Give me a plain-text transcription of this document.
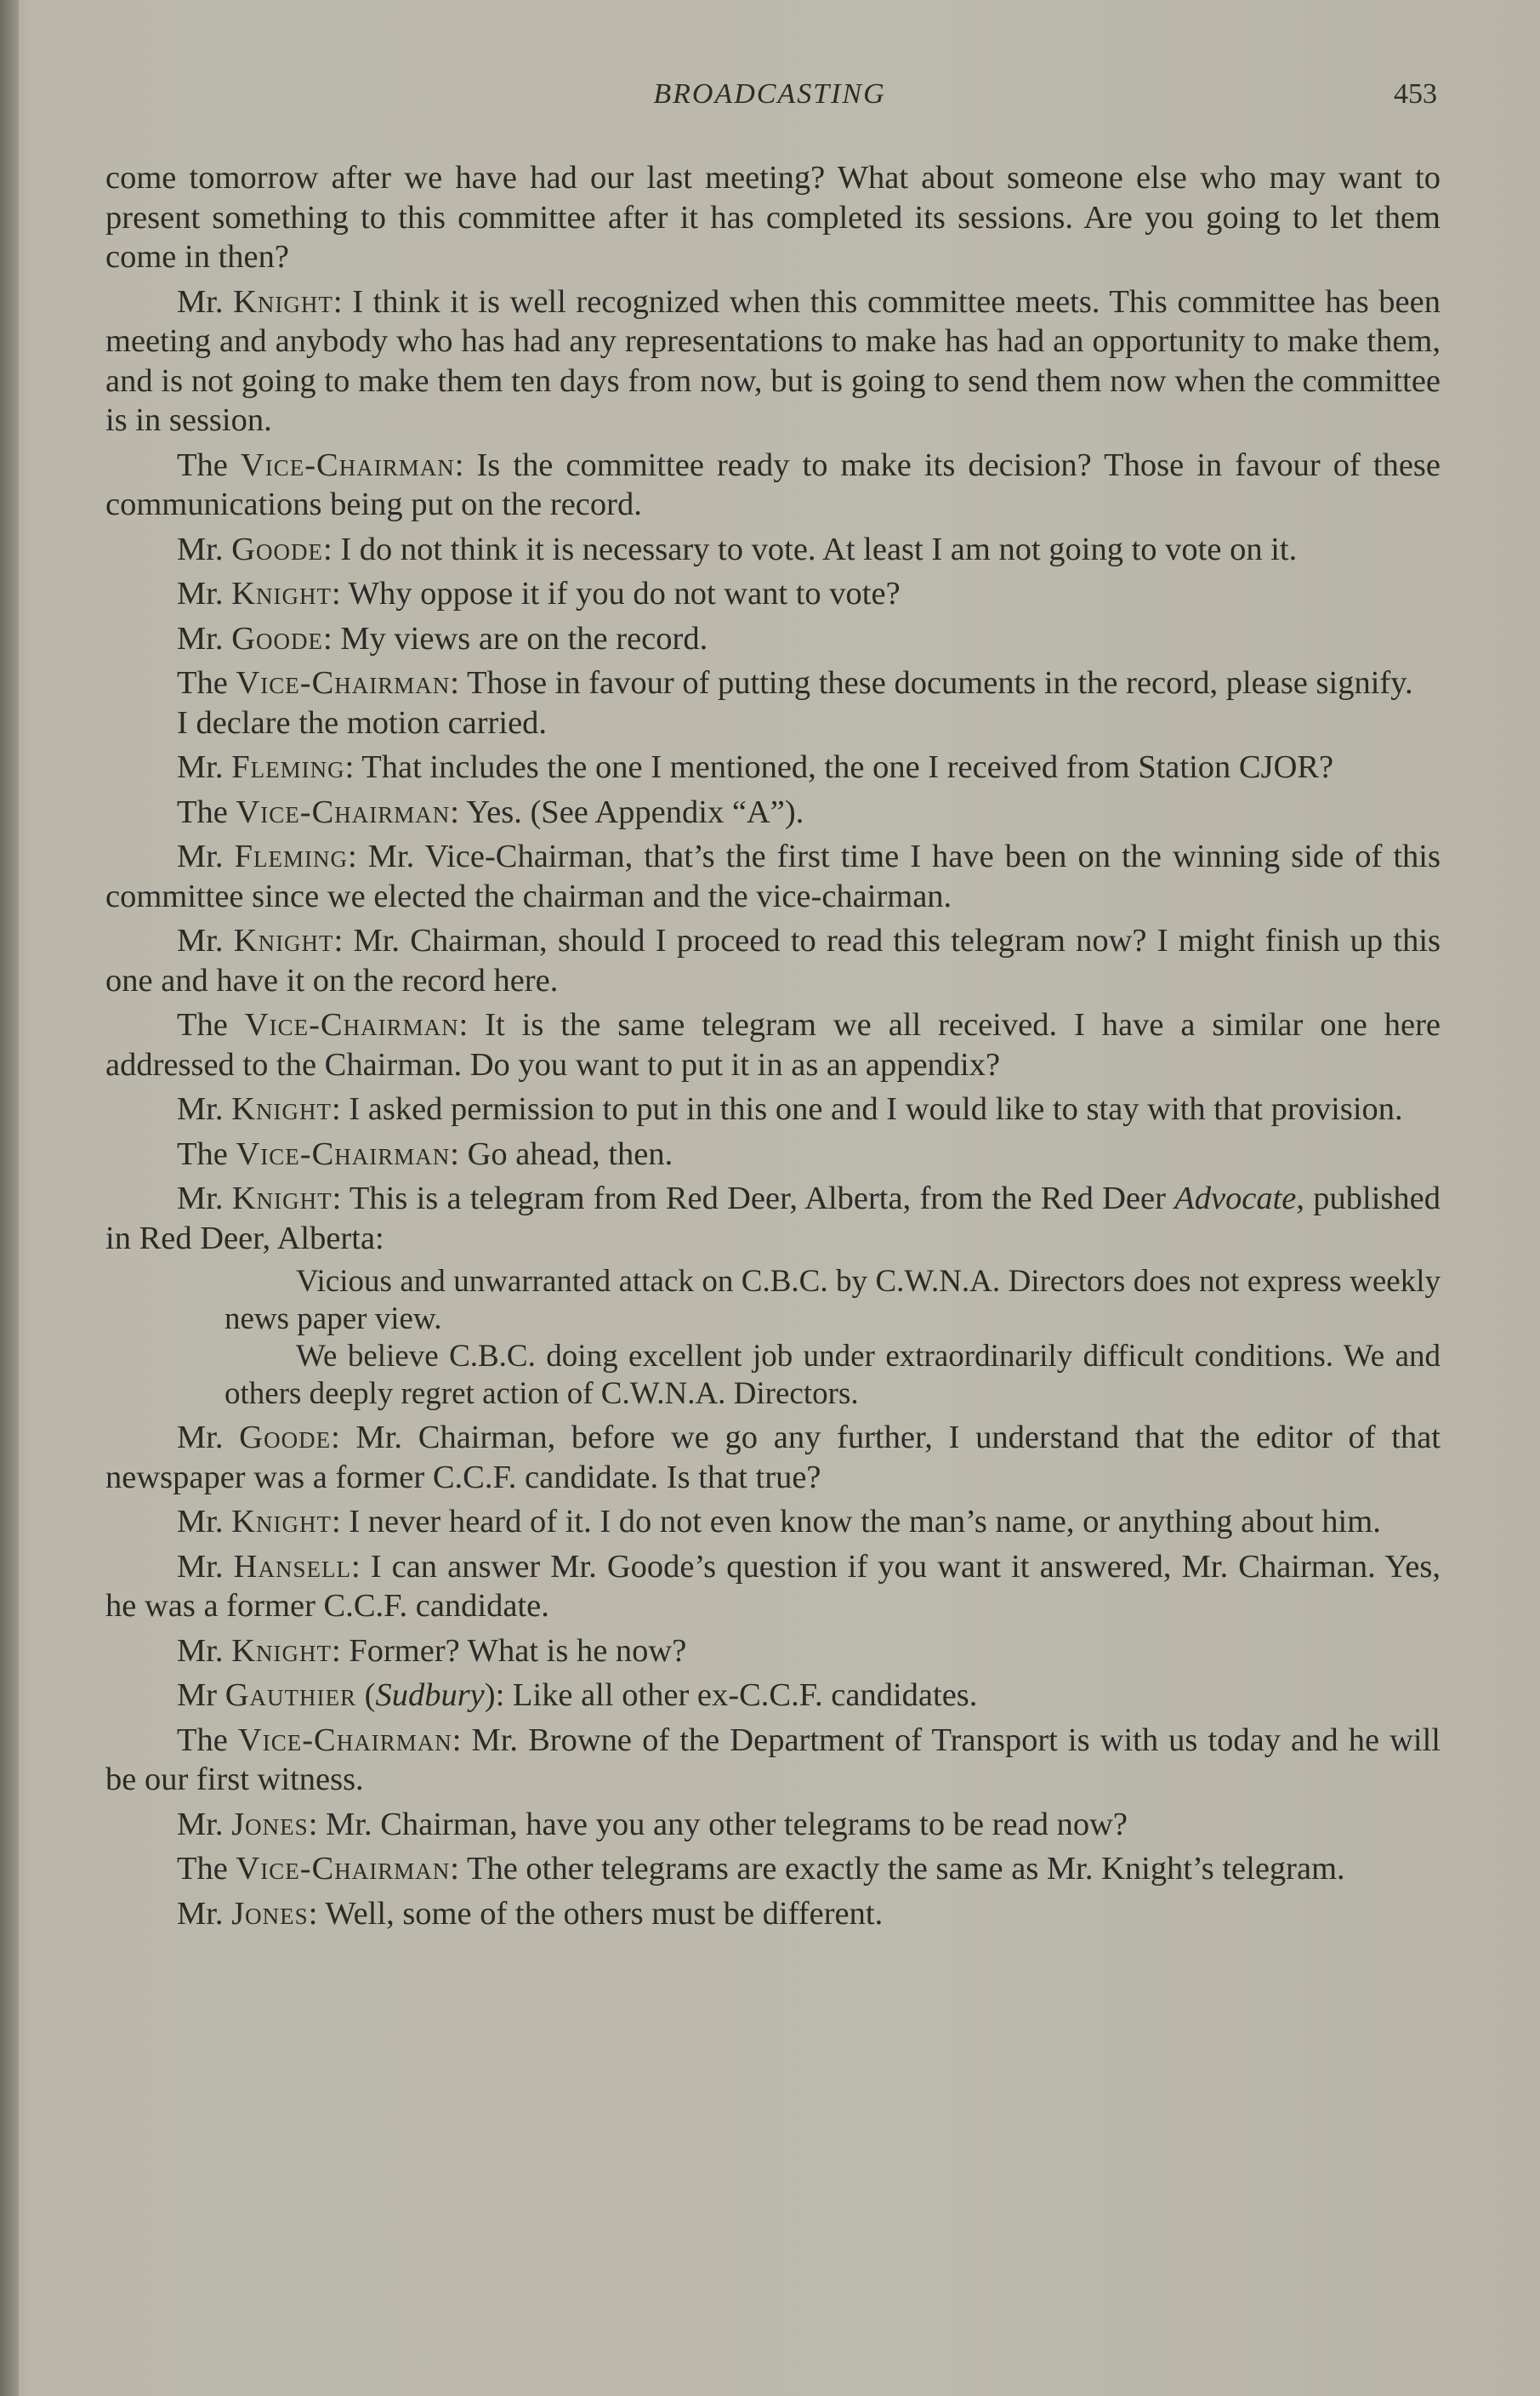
BROADCASTING	453

come tomorrow after we have had our last meeting? What about someone else who may want to present something to this committee after it has completed its sessions. Are you going to let them come in then?

Mr. Knight: I think it is well recognized when this committee meets. This committee has been meeting and anybody who has had any representations to make has had an opportunity to make them, and is not going to make them ten days from now, but is going to send them now when the committee is in session.

The Vice-Chairman: Is the committee ready to make its decision? Those in favour of these communications being put on the record.

Mr. Goode: I do not think it is necessary to vote. At least I am not going to vote on it.

Mr. Knight: Why oppose it if you do not want to vote?

Mr. Goode: My views are on the record.

The Vice-Chairman: Those in favour of putting these documents in the record, please signify.

I declare the motion carried.

Mr. Fleming: That includes the one I mentioned, the one I received from Station CJOR?

The Vice-Chairman: Yes. (See Appendix “A”).

Mr. Fleming: Mr. Vice-Chairman, that’s the first time I have been on the winning side of this committee since we elected the chairman and the vice-chairman.

Mr. Knight: Mr. Chairman, should I proceed to read this telegram now? I might finish up this one and have it on the record here.

The Vice-Chairman: It is the same telegram we all received. I have a similar one here addressed to the Chairman. Do you want to put it in as an appendix?

Mr. Knight: I asked permission to put in this one and I would like to stay with that provision.

The Vice-Chairman: Go ahead, then.

Mr. Knight: This is a telegram from Red Deer, Alberta, from the Red Deer Advocate, published in Red Deer, Alberta:

Vicious and unwarranted attack on C.B.C. by C.W.N.A. Directors does not express weekly news paper view.

We believe C.B.C. doing excellent job under extraordinarily difficult conditions. We and others deeply regret action of C.W.N.A. Directors.

Mr. Goode: Mr. Chairman, before we go any further, I understand that the editor of that newspaper was a former C.C.F. candidate. Is that true?

Mr. Knight: I never heard of it. I do not even know the man’s name, or anything about him.

Mr. Hansell: I can answer Mr. Goode’s question if you want it answered, Mr. Chairman. Yes, he was a former C.C.F. candidate.

Mr. Knight: Former? What is he now?

Mr Gauthier (Sudbury): Like all other ex-C.C.F. candidates.

The Vice-Chairman: Mr. Browne of the Department of Transport is with us today and he will be our first witness.

Mr. Jones: Mr. Chairman, have you any other telegrams to be read now?

The Vice-Chairman: The other telegrams are exactly the same as Mr. Knight’s telegram.

Mr. Jones: Well, some of the others must be different.
